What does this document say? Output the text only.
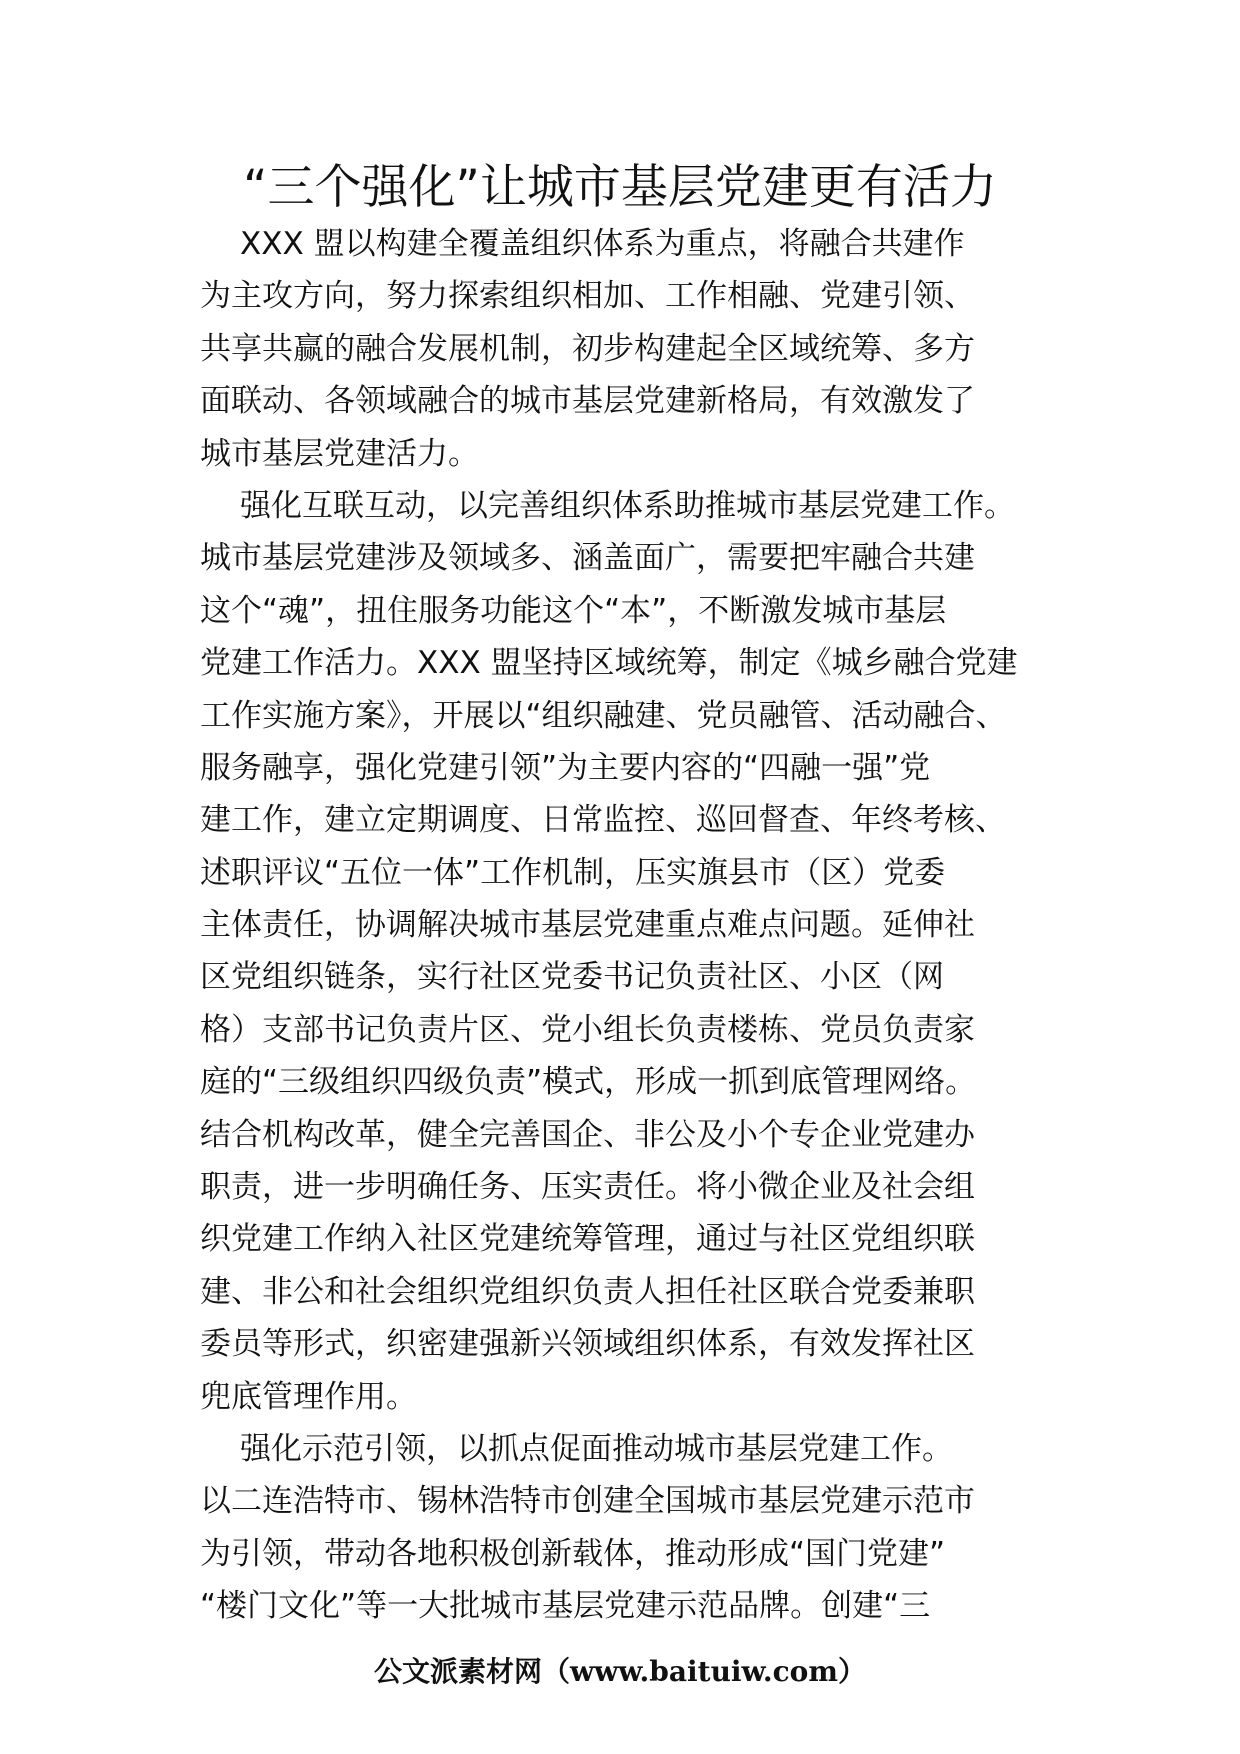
“三个强化”让城市基层党建更有活力
XXX 盟以构建全覆盖组织体系为重点，将融合共建作
为主攻方向，努力探索组织相加、工作相融、党建引领、
共享共赢的融合发展机制，初步构建起全区域统筹、多方
面联动、各领域融合的城市基层党建新格局，有效激发了
城市基层党建活力。
强化互联互动，以完善组织体系助推城市基层党建工作。
城市基层党建涉及领域多、涵盖面广，需要把牢融合共建
这个“魂”，扭住服务功能这个“本”，不断激发城市基层
党建工作活力。XXX 盟坚持区域统筹，制定《城乡融合党建
工作实施方案》，开展以“组织融建、党员融管、活动融合、
服务融享，强化党建引领”为主要内容的“四融一强”党
建工作，建立定期调度、日常监控、巡回督查、年终考核、
述职评议“五位一体”工作机制，压实旗县市（区）党委
主体责任，协调解决城市基层党建重点难点问题。延伸社
区党组织链条，实行社区党委书记负责社区、小区（网
格）支部书记负责片区、党小组长负责楼栋、党员负责家
庭的“三级组织四级负责”模式，形成一抓到底管理网络。
结合机构改革，健全完善国企、非公及小个专企业党建办
职责，进一步明确任务、压实责任。将小微企业及社会组
织党建工作纳入社区党建统筹管理，通过与社区党组织联
建、非公和社会组织党组织负责人担任社区联合党委兼职
委员等形式，织密建强新兴领域组织体系，有效发挥社区
兜底管理作用。
强化示范引领，以抓点促面推动城市基层党建工作。
以二连浩特市、锡林浩特市创建全国城市基层党建示范市
为引领，带动各地积极创新载体，推动形成“国门党建”
“楼门文化”等一大批城市基层党建示范品牌。创建“三
公文派素材网（www.baituiw.com）
